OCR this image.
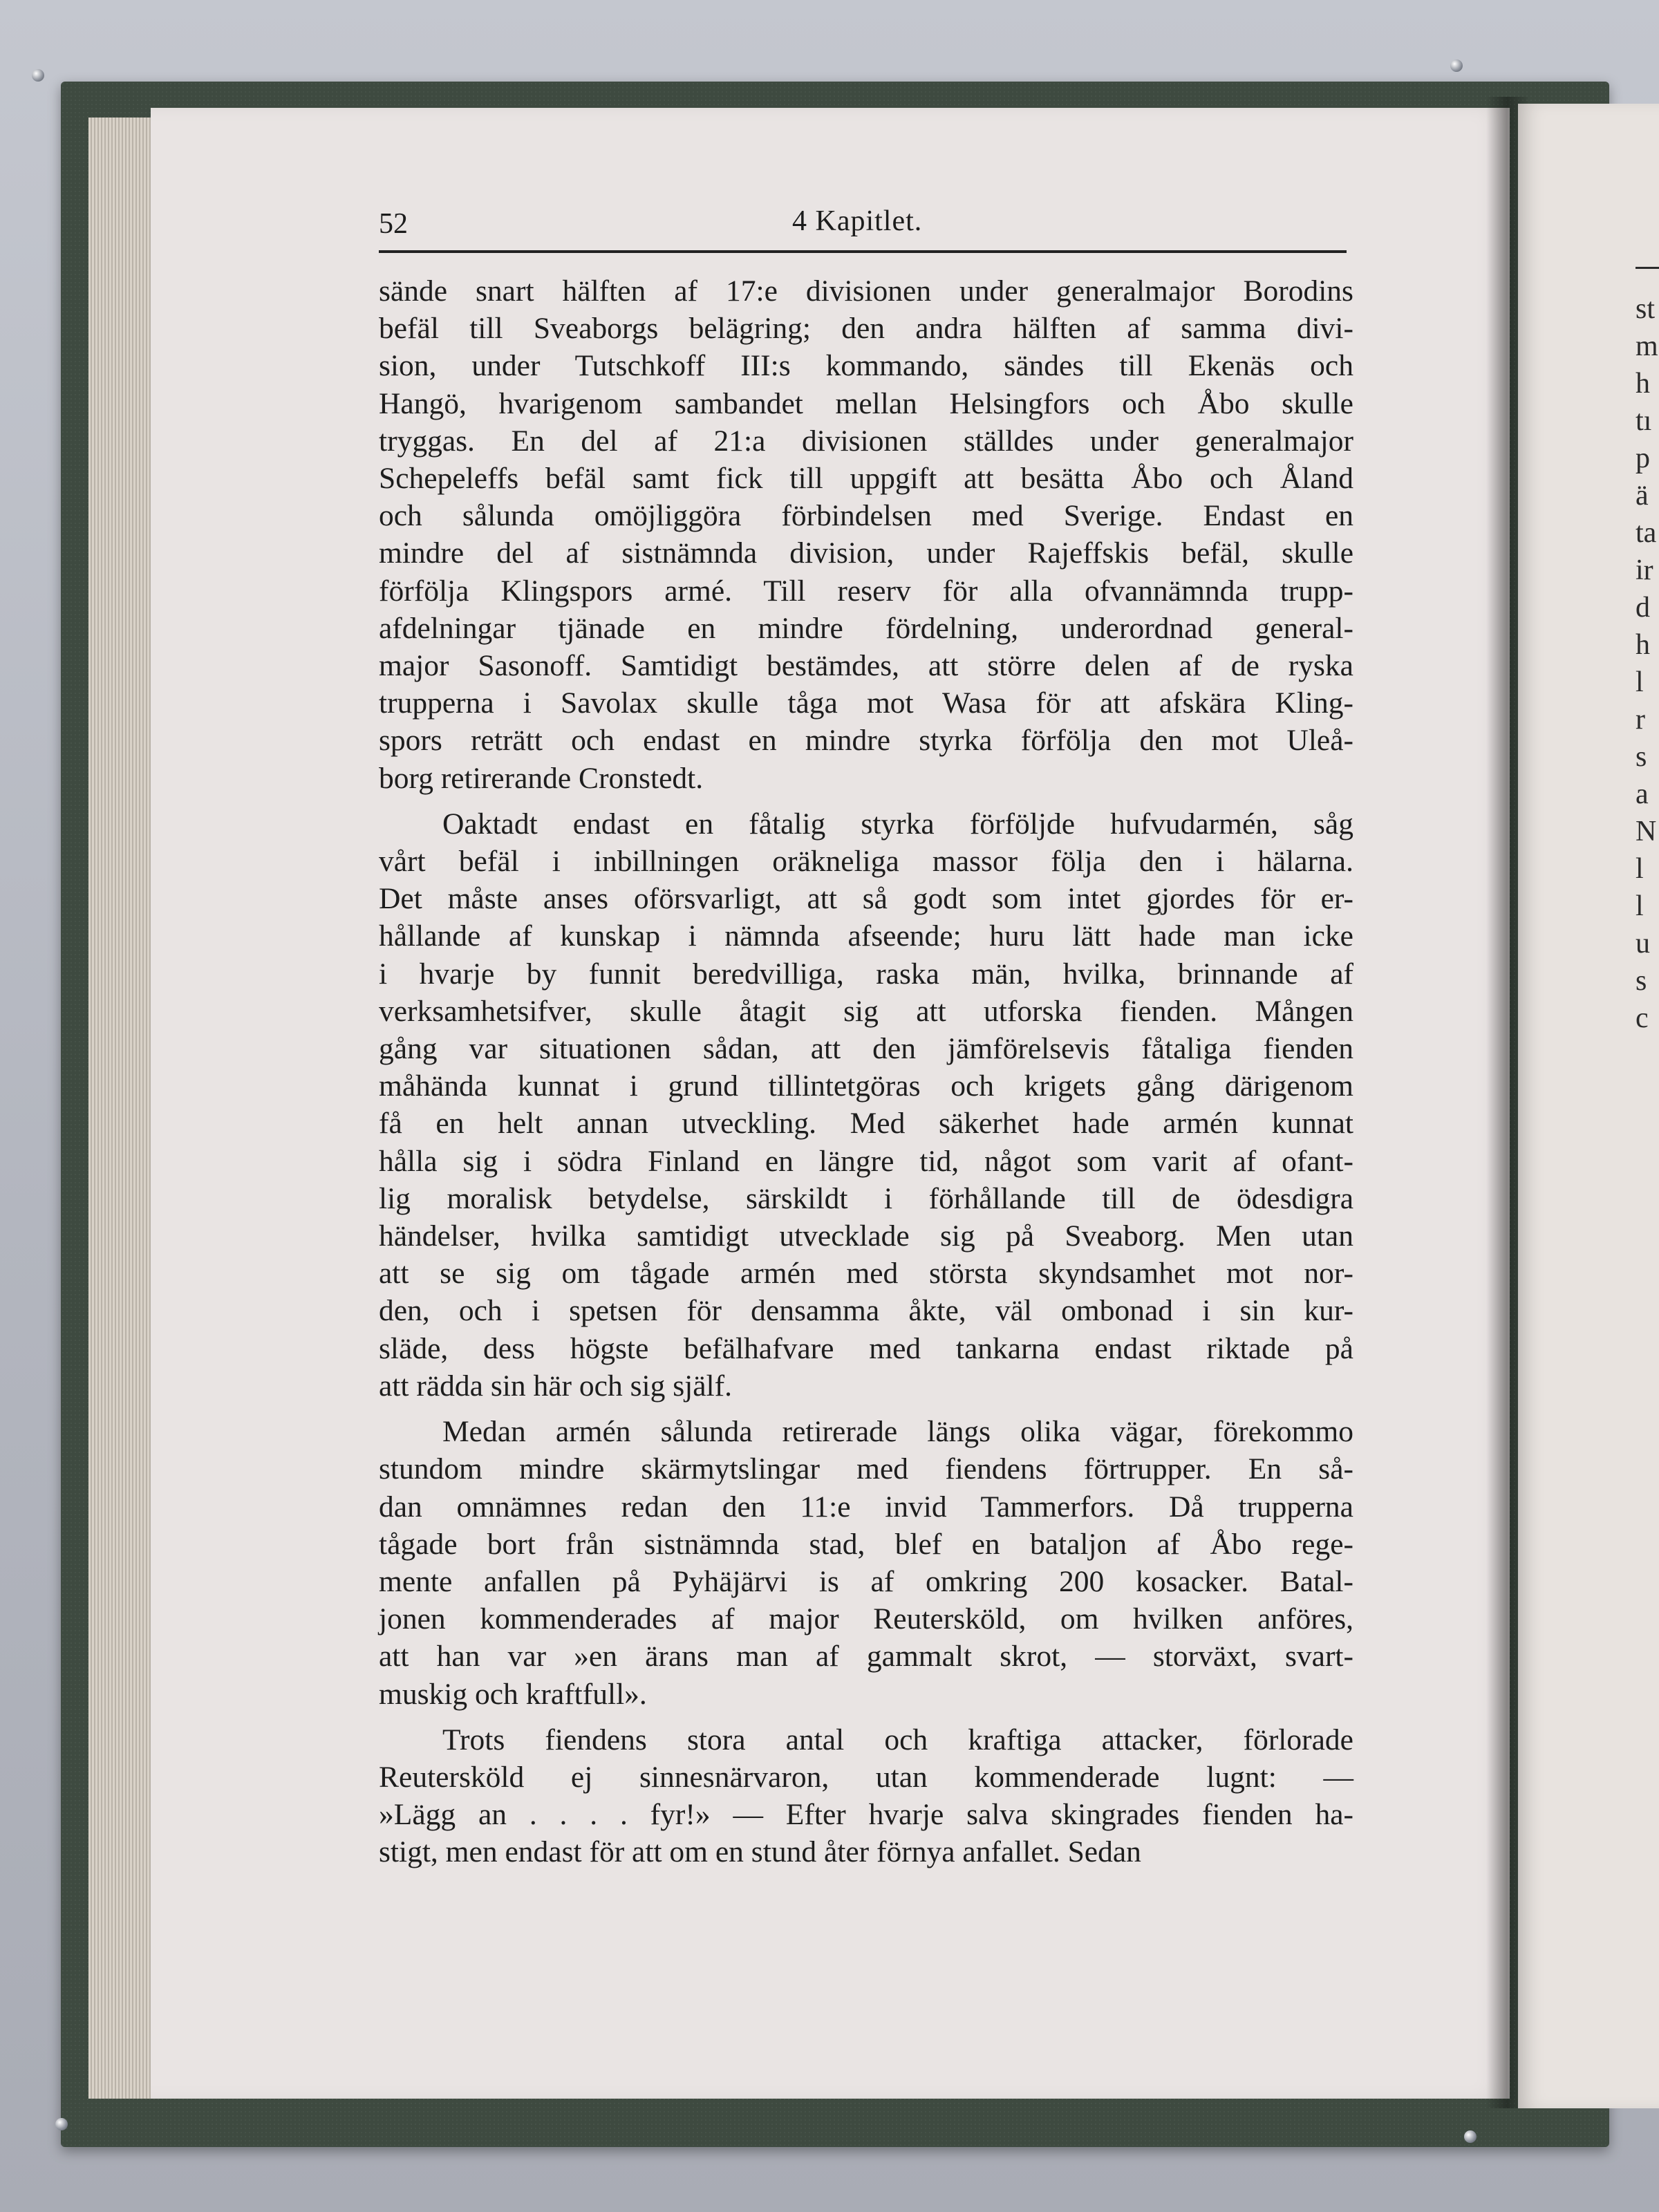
st
m
h
tı
p
ä
ta
ir
d
h
l
r
s
a
N
l
l
u
s
c
52	4 Kapitlet.

sände snart hälften af 17:e divisionen under generalmajor Borodins
befäl till Sveaborgs belägring; den andra hälften af samma divi-
sion, under Tutschkoff III:s kommando, sändes till Ekenäs och
Hangö, hvarigenom sambandet mellan Helsingfors och Åbo skulle
tryggas. En del af 21:a divisionen ställdes under generalmajor
Schepeleffs befäl samt fick till uppgift att besätta Åbo och Åland
och sålunda omöjliggöra förbindelsen med Sverige. Endast en
mindre del af sistnämnda division, under Rajeffskis befäl, skulle
förfölja Klingspors armé. Till reserv för alla ofvannämnda trupp-
afdelningar tjänade en mindre fördelning, underordnad general-
major Sasonoff. Samtidigt bestämdes, att större delen af de ryska
trupperna i Savolax skulle tåga mot Wasa för att afskära Kling-
spors reträtt och endast en mindre styrka förfölja den mot Uleå-
borg retirerande Cronstedt.

Oaktadt endast en fåtalig styrka förföljde hufvudarmén, såg
vårt befäl i inbillningen oräkneliga massor följa den i hälarna.
Det måste anses oförsvarligt, att så godt som intet gjordes för er-
hållande af kunskap i nämnda afseende; huru lätt hade man icke
i hvarje by funnit beredvilliga, raska män, hvilka, brinnande af
verksamhetsifver, skulle åtagit sig att utforska fienden. Mången
gång var situationen sådan, att den jämförelsevis fåtaliga fienden
måhända kunnat i grund tillintetgöras och krigets gång därigenom
få en helt annan utveckling. Med säkerhet hade armén kunnat
hålla sig i södra Finland en längre tid, något som varit af ofant-
lig moralisk betydelse, särskildt i förhållande till de ödesdigra
händelser, hvilka samtidigt utvecklade sig på Sveaborg. Men utan
att se sig om tågade armén med största skyndsamhet mot nor-
den, och i spetsen för densamma åkte, väl ombonad i sin kur-
släde, dess högste befälhafvare med tankarna endast riktade på
att rädda sin här och sig själf.

Medan armén sålunda retirerade längs olika vägar, förekommo
stundom mindre skärmytslingar med fiendens förtrupper. En så-
dan omnämnes redan den 11:e invid Tammerfors. Då trupperna
tågade bort från sistnämnda stad, blef en bataljon af Åbo rege-
mente anfallen på Pyhäjärvi is af omkring 200 kosacker. Batal-
jonen kommenderades af major Reutersköld, om hvilken anföres,
att han var »en ärans man af gammalt skrot, — storväxt, svart-
muskig och kraftfull».

Trots fiendens stora antal och kraftiga attacker, förlorade
Reutersköld ej sinnesnärvaron, utan kommenderade lugnt: —
»Lägg an . . . . fyr!» — Efter hvarje salva skingrades fienden ha-
stigt, men endast för att om en stund åter förnya anfallet. Sedan
